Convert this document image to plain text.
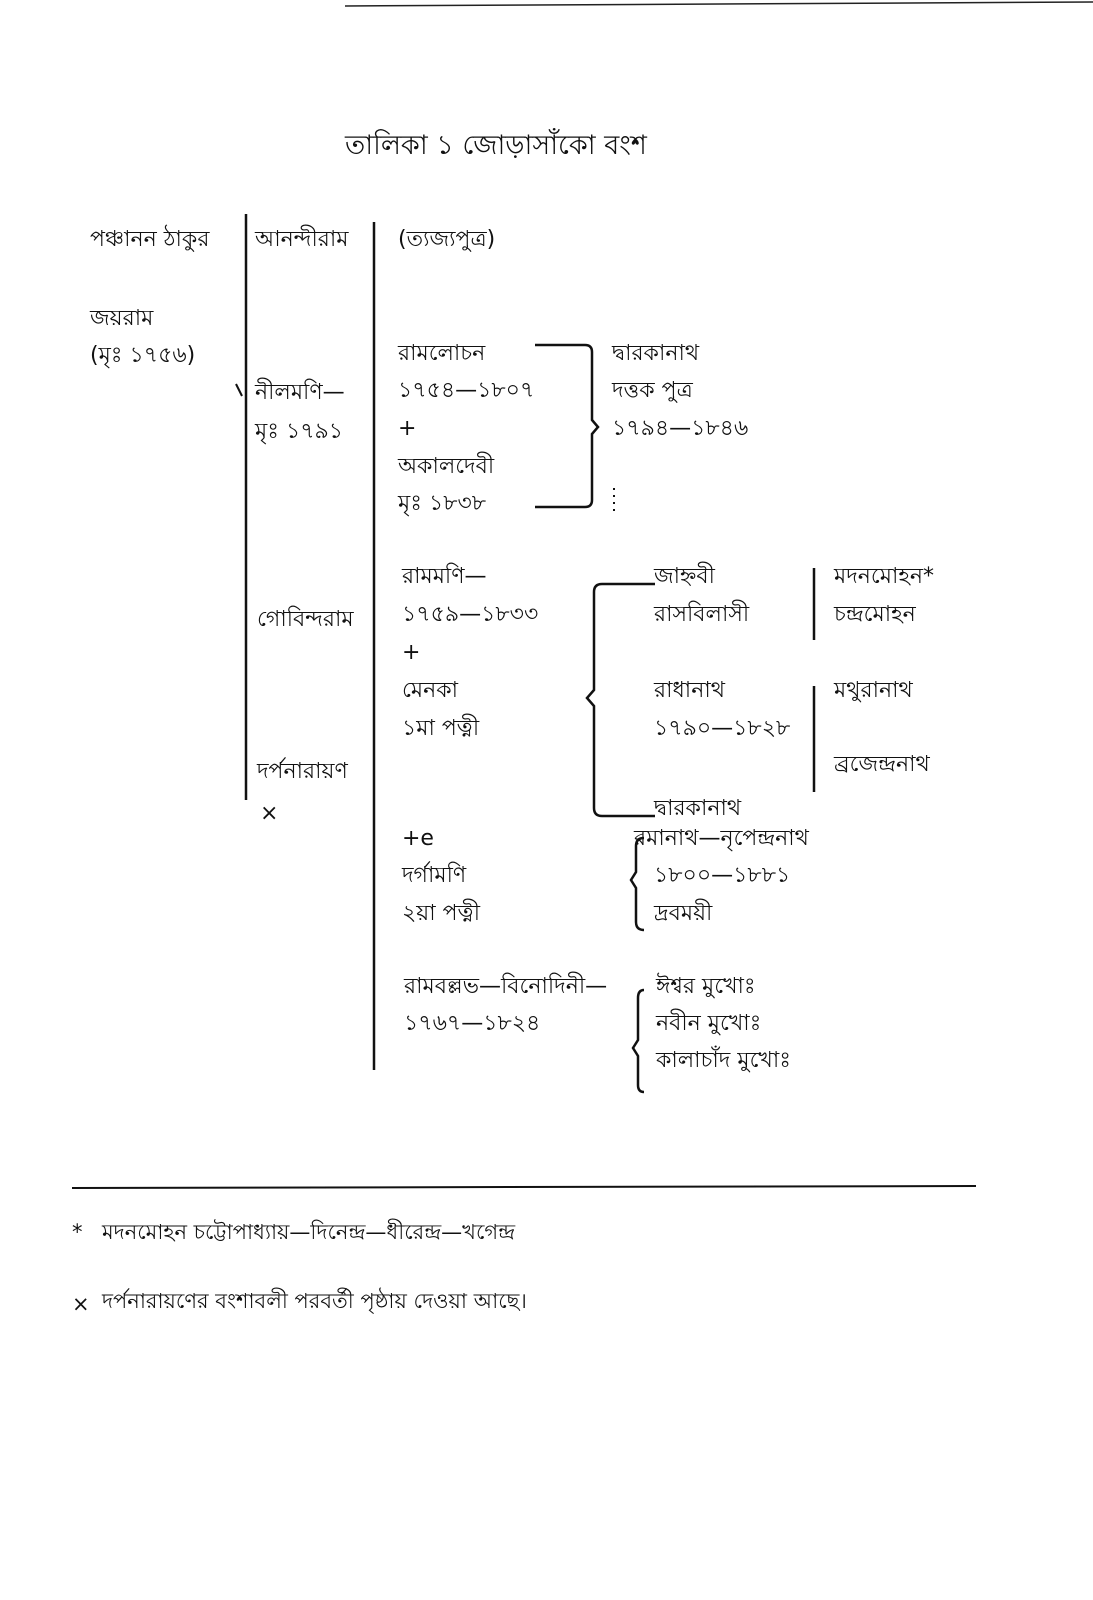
তালিকা ১ জোড়াসাঁকো বংশ
পঞ্চানন ঠাকুর
জয়রাম
(মৃঃ ১৭৫৬)
আনন্দীরাম
নীলমণি—
মৃঃ ১৭৯১
গোবিন্দরাম
দর্পনারায়ণ
×
(ত্যজ্যপুত্র)
রামলোচন
১৭৫৪—১৮০৭
+
অকালদেবী
মৃঃ ১৮৩৮
রামমণি—
১৭৫৯—১৮৩৩
+
মেনকা
১মা পত্নী
+e
দর্গামণি
২য়া পত্নী
রামবল্লভ—বিনোদিনী—
১৭৬৭—১৮২৪
দ্বারকানাথ
দত্তক পুত্র
১৭৯৪—১৮৪৬
জাহ্নবী
রাসবিলাসী
রাধানাথ
১৭৯০—১৮২৮
দ্বারকানাথ
রমানাথ—নৃপেন্দ্রনাথ
১৮০০—১৮৮১
দ্রবময়ী
ঈশ্বর মুখোঃ
নবীন মুখোঃ
কালাচাঁদ মুখোঃ
মদনমোহন*
চন্দ্রমোহন
মথুরানাথ
ব্রজেন্দ্রনাথ
* মদনমোহন চট্টোপাধ্যায়—দিনেন্দ্র—ধীরেন্দ্র—খগেন্দ্র
× দর্পনারায়ণের বংশাবলী পরবর্তী পৃষ্ঠায় দেওয়া আছে।
